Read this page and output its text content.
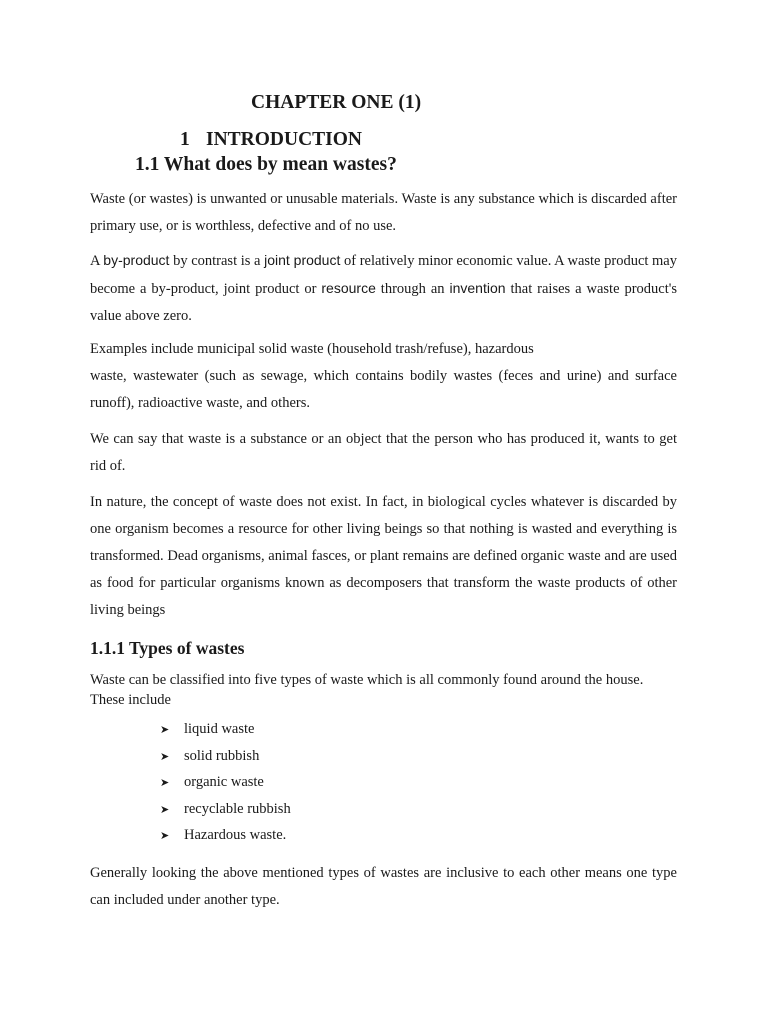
CHAPTER ONE (1)
1 INTRODUCTION
1.1 What does by mean wastes?

Waste (or wastes) is unwanted or unusable materials. Waste is any substance which is discarded after primary use, or is worthless, defective and of no use.

A by-product by contrast is a joint product of relatively minor economic value. A waste product may become a by-product, joint product or resource through an invention that raises a waste product's value above zero.

Examples include municipal solid waste (household trash/refuse), hazardous
waste, wastewater (such as sewage, which contains bodily wastes (feces and urine) and surface runoff), radioactive waste, and others.

We can say that waste is a substance or an object that the person who has produced it, wants to get rid of.

In nature, the concept of waste does not exist. In fact, in biological cycles whatever is discarded by one organism becomes a resource for other living beings so that nothing is wasted and everything is transformed. Dead organisms, animal fasces, or plant remains are defined organic waste and are used as food for particular organisms known as decomposers that transform the waste products of other living beings

1.1.1 Types of wastes

Waste can be classified into five types of waste which is all commonly found around the house. These include

➤ liquid waste
➤ solid rubbish
➤ organic waste
➤ recyclable rubbish
➤ Hazardous waste.

Generally looking the above mentioned types of wastes are inclusive to each other means one type can included under another type.
